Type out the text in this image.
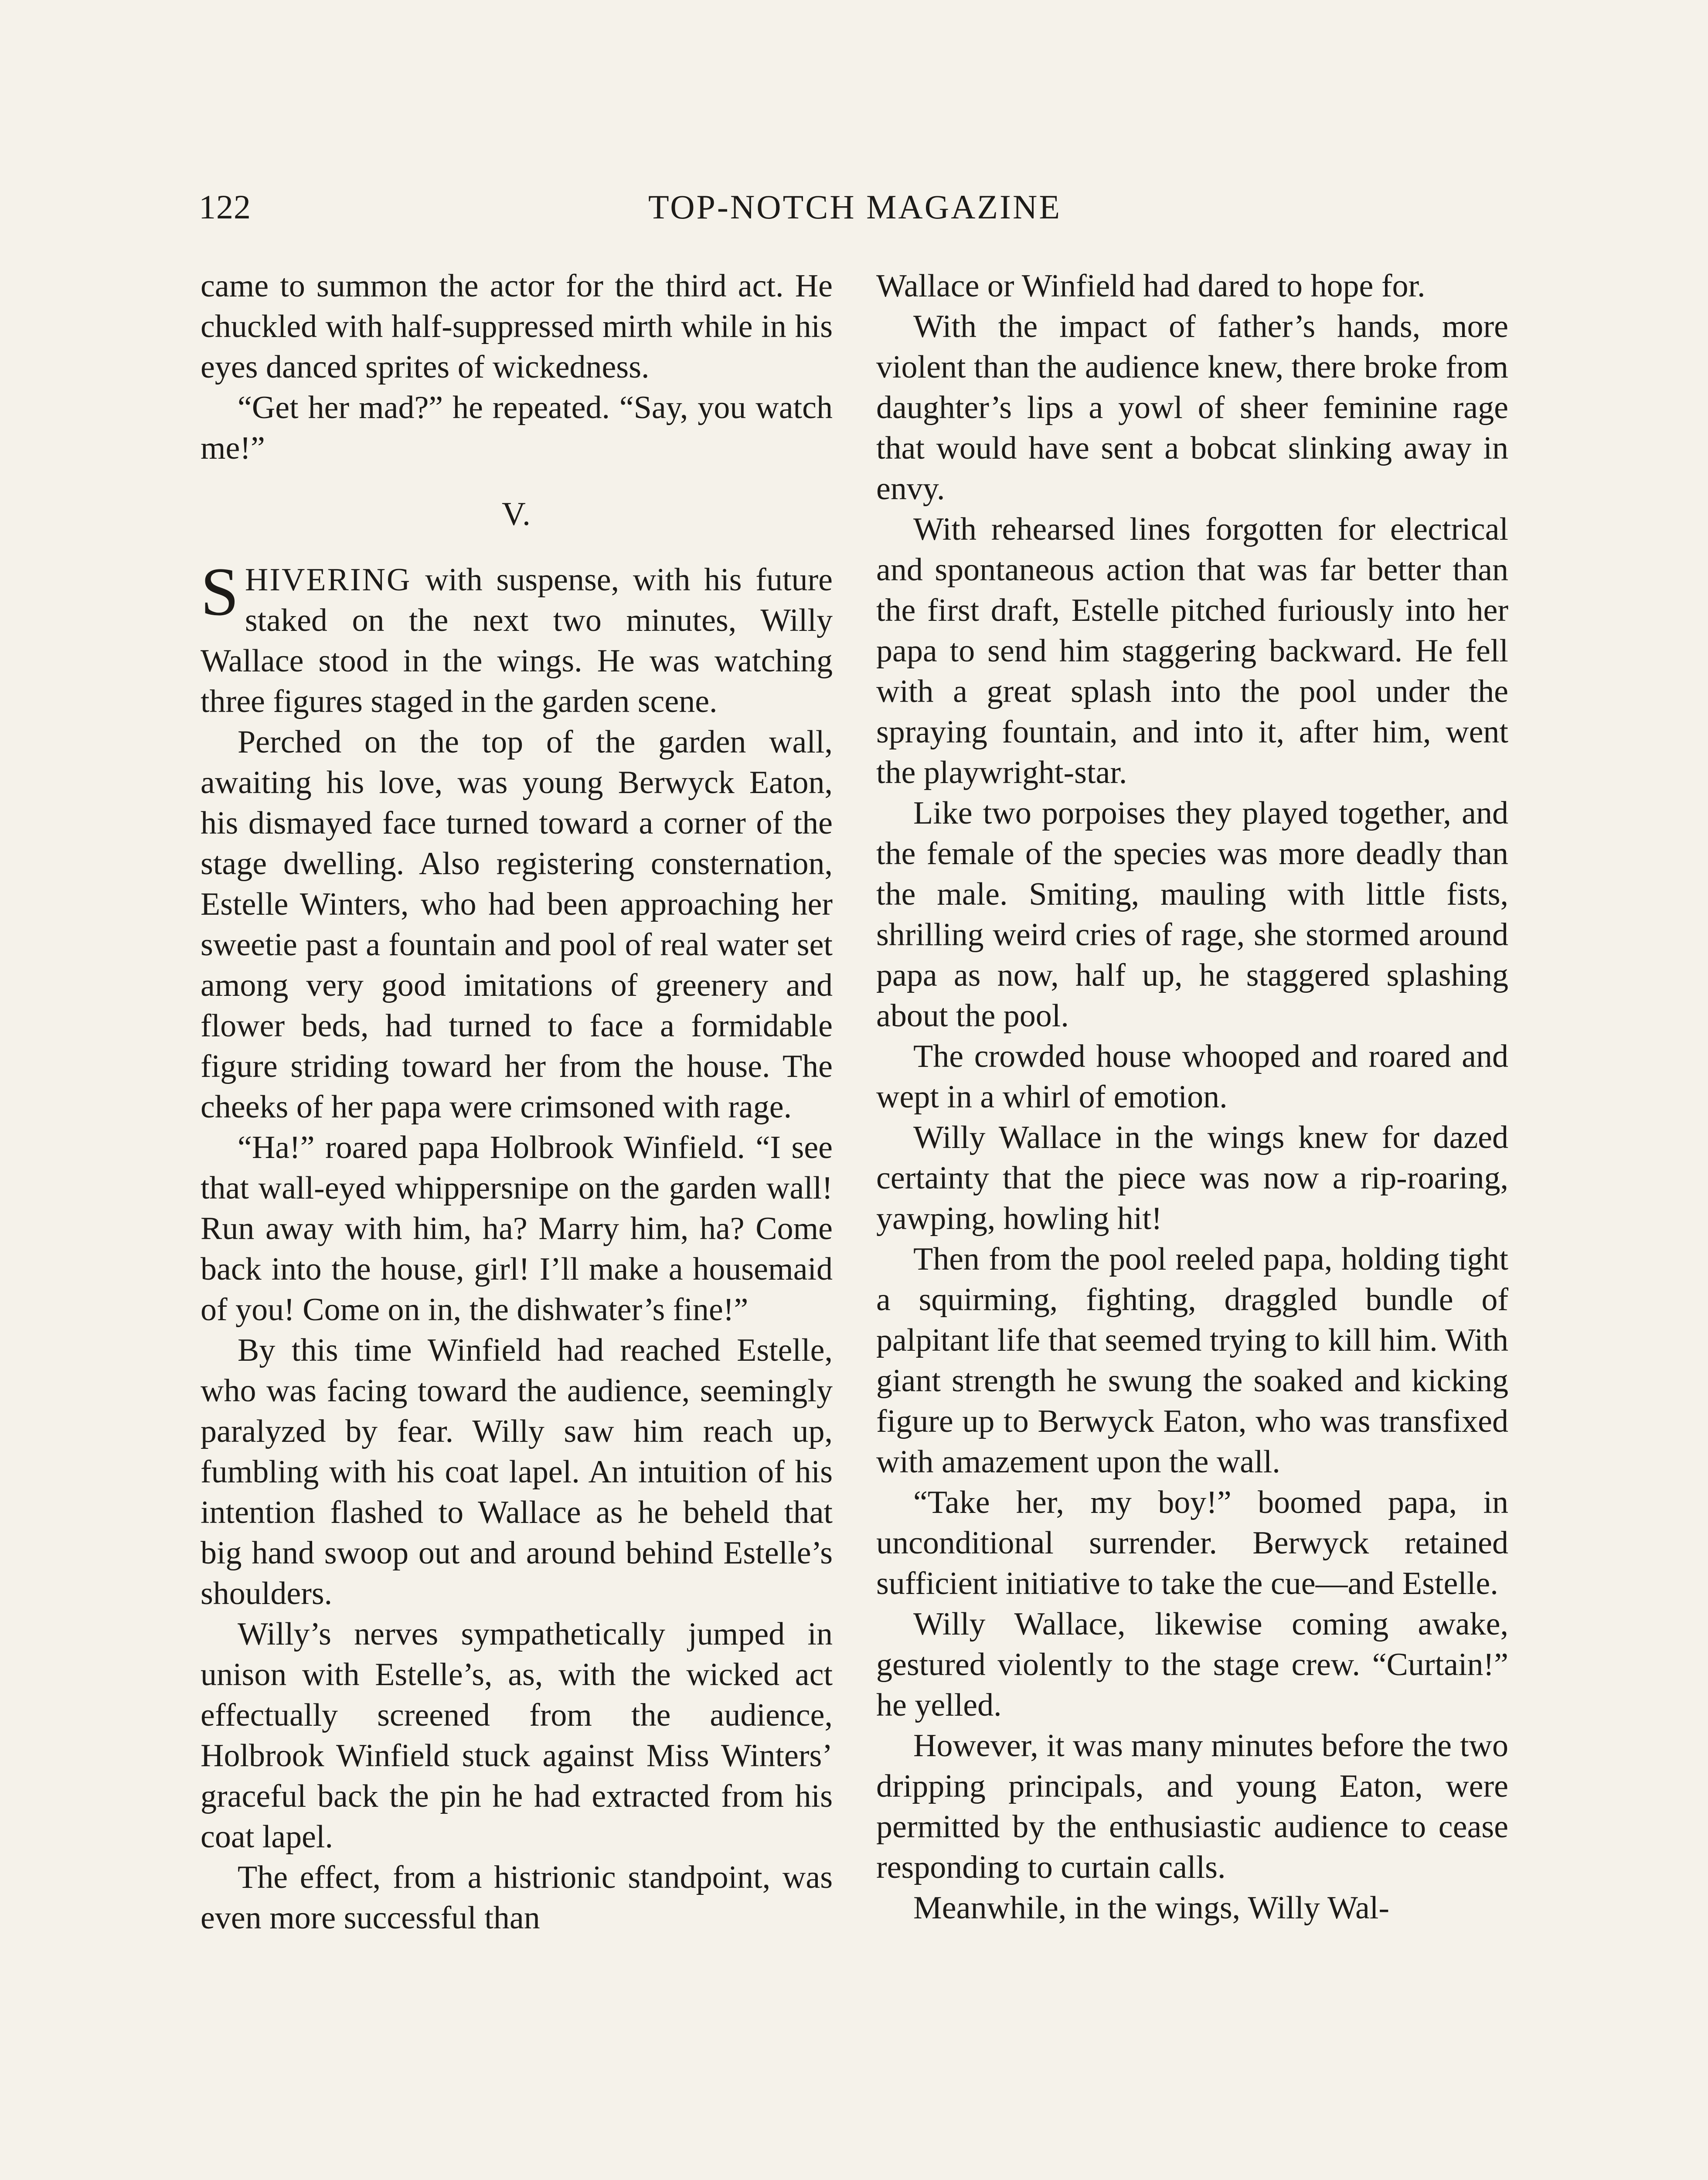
122	TOP-NOTCH MAGAZINE

came to summon the actor for the third act. He chuckled with half-suppressed mirth while in his eyes danced sprites of wickedness.

“Get her mad?” he repeated. “Say, you watch me!”

V.

SHIVERING with suspense, with his future staked on the next two minutes, Willy Wallace stood in the wings. He was watching three figures staged in the garden scene.

Perched on the top of the garden wall, awaiting his love, was young Berwyck Eaton, his dismayed face turned toward a corner of the stage dwelling. Also registering consternation, Estelle Winters, who had been approaching her sweetie past a fountain and pool of real water set among very good imitations of greenery and flower beds, had turned to face a formidable figure striding toward her from the house. The cheeks of her papa were crimsoned with rage.

“Ha!” roared papa Holbrook Winfield. “I see that wall-eyed whippersnipe on the garden wall! Run away with him, ha? Marry him, ha? Come back into the house, girl! I’ll make a housemaid of you! Come on in, the dishwater’s fine!”

By this time Winfield had reached Estelle, who was facing toward the audience, seemingly paralyzed by fear. Willy saw him reach up, fumbling with his coat lapel. An intuition of his intention flashed to Wallace as he beheld that big hand swoop out and around behind Estelle’s shoulders.

Willy’s nerves sympathetically jumped in unison with Estelle’s, as, with the wicked act effectually screened from the audience, Holbrook Winfield stuck against Miss Winters’ graceful back the pin he had extracted from his coat lapel.

The effect, from a histrionic standpoint, was even more successful than

Wallace or Winfield had dared to hope for.

With the impact of father’s hands, more violent than the audience knew, there broke from daughter’s lips a yowl of sheer feminine rage that would have sent a bobcat slinking away in envy.

With rehearsed lines forgotten for electrical and spontaneous action that was far better than the first draft, Estelle pitched furiously into her papa to send him staggering backward. He fell with a great splash into the pool under the spraying fountain, and into it, after him, went the playwright-star.

Like two porpoises they played together, and the female of the species was more deadly than the male. Smiting, mauling with little fists, shrilling weird cries of rage, she stormed around papa as now, half up, he staggered splashing about the pool.

The crowded house whooped and roared and wept in a whirl of emotion.

Willy Wallace in the wings knew for dazed certainty that the piece was now a rip-roaring, yawping, howling hit!

Then from the pool reeled papa, holding tight a squirming, fighting, draggled bundle of palpitant life that seemed trying to kill him. With giant strength he swung the soaked and kicking figure up to Berwyck Eaton, who was transfixed with amazement upon the wall.

“Take her, my boy!” boomed papa, in unconditional surrender. Berwyck retained sufficient initiative to take the cue—and Estelle.

Willy Wallace, likewise coming awake, gestured violently to the stage crew. “Curtain!” he yelled.

However, it was many minutes before the two dripping principals, and young Eaton, were permitted by the enthusiastic audience to cease responding to curtain calls.

Meanwhile, in the wings, Willy Wal-
